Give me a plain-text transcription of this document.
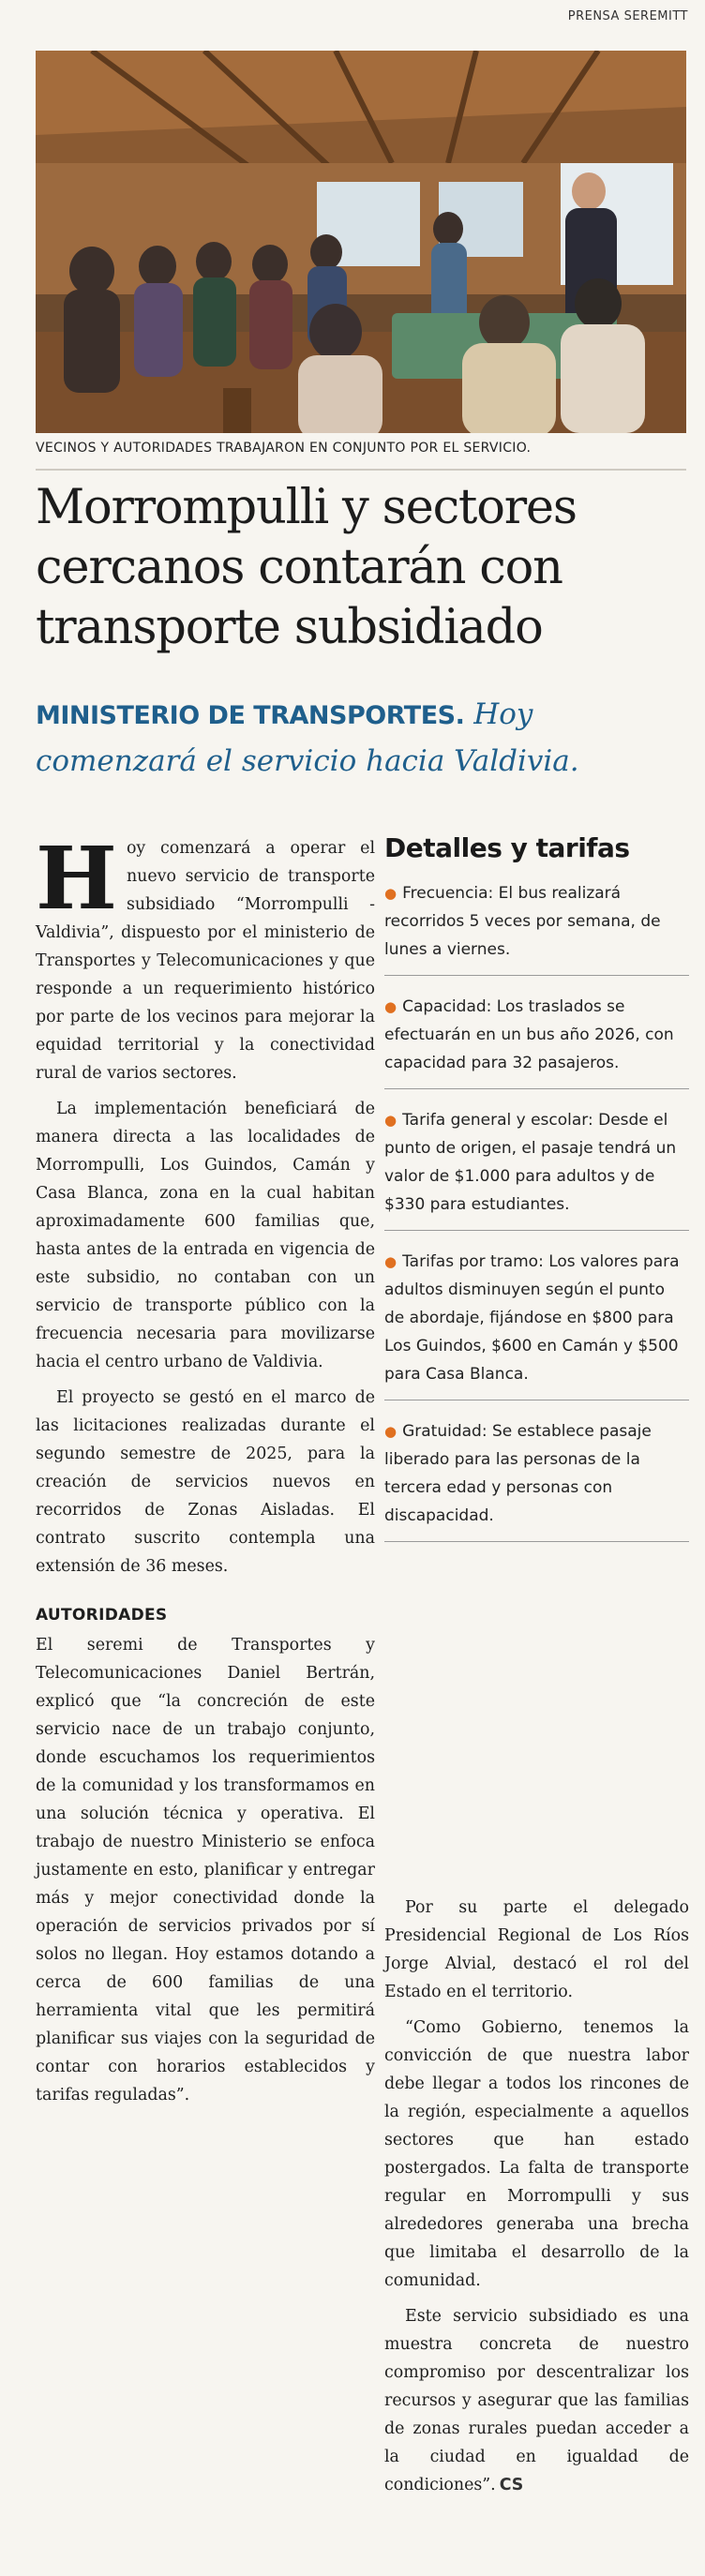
PRENSA SEREMITT
VECINOS Y AUTORIDADES TRABAJARON EN CONJUNTO POR EL SERVICIO.
Morrompulli y sectores
cercanos contarán con
transporte subsidiado
MINISTERIO DE TRANSPORTES. Hoy
comenzará el servicio hacia Valdivia.

Hoy comenzará a operar el nuevo servicio de transporte subsidiado “Morrompulli - Valdivia”, dispuesto por el ministerio de Transportes y Telecomunicaciones y que responde a un requerimiento histórico por parte de los vecinos para mejorar la equidad territorial y la conectividad rural de varios sectores.

La implementación beneficiará de manera directa a las localidades de Morrompulli, Los Guindos, Camán y Casa Blanca, zona en la cual habitan aproximadamente 600 familias que, hasta antes de la entrada en vigencia de este subsidio, no contaban con un servicio de transporte público con la frecuencia necesaria para movilizarse hacia el centro urbano de Valdivia.

El proyecto se gestó en el marco de las licitaciones realizadas durante el segundo semestre de 2025, para la creación de servicios nuevos en recorridos de Zonas Aisladas. El contrato suscrito contempla una extensión de 36 meses.

AUTORIDADES

El seremi de Transportes y Telecomunicaciones Daniel Bertrán, explicó que “la concreción de este servicio nace de un trabajo conjunto, donde escuchamos los requerimientos de la comunidad y los transformamos en una solución técnica y operativa. El trabajo de nuestro Ministerio se enfoca justamente en esto, planificar y entregar más y mejor conectividad donde la operación de servicios privados por sí solos no llegan. Hoy estamos dotando a cerca de 600 familias de una herramienta vital que les permitirá planificar sus viajes con la seguridad de contar con horarios establecidos y tarifas reguladas”.

Detalles y tarifas
● Frecuencia: El bus realizará recorridos 5 veces por semana, de lunes a viernes.
● Capacidad: Los traslados se efectuarán en un bus año 2026, con capacidad para 32 pasajeros.
● Tarifa general y escolar: Desde el punto de origen, el pasaje tendrá un valor de $1.000 para adultos y de $330 para estudiantes.
● Tarifas por tramo: Los valores para adultos disminuyen según el punto de abordaje, fijándose en $800 para Los Guindos, $600 en Camán y $500 para Casa Blanca.
● Gratuidad: Se establece pasaje liberado para las personas de la tercera edad y personas con discapacidad.

Por su parte el delegado Presidencial Regional de Los Ríos Jorge Alvial, destacó el rol del Estado en el territorio.

“Como Gobierno, tenemos la convicción de que nuestra labor debe llegar a todos los rincones de la región, especialmente a aquellos sectores que han estado postergados. La falta de transporte regular en Morrompulli y sus alrededores generaba una brecha que limitaba el desarrollo de la comunidad.

Este servicio subsidiado es una muestra concreta de nuestro compromiso por descentralizar los recursos y asegurar que las familias de zonas rurales puedan acceder a la ciudad en igualdad de condiciones”. CS
